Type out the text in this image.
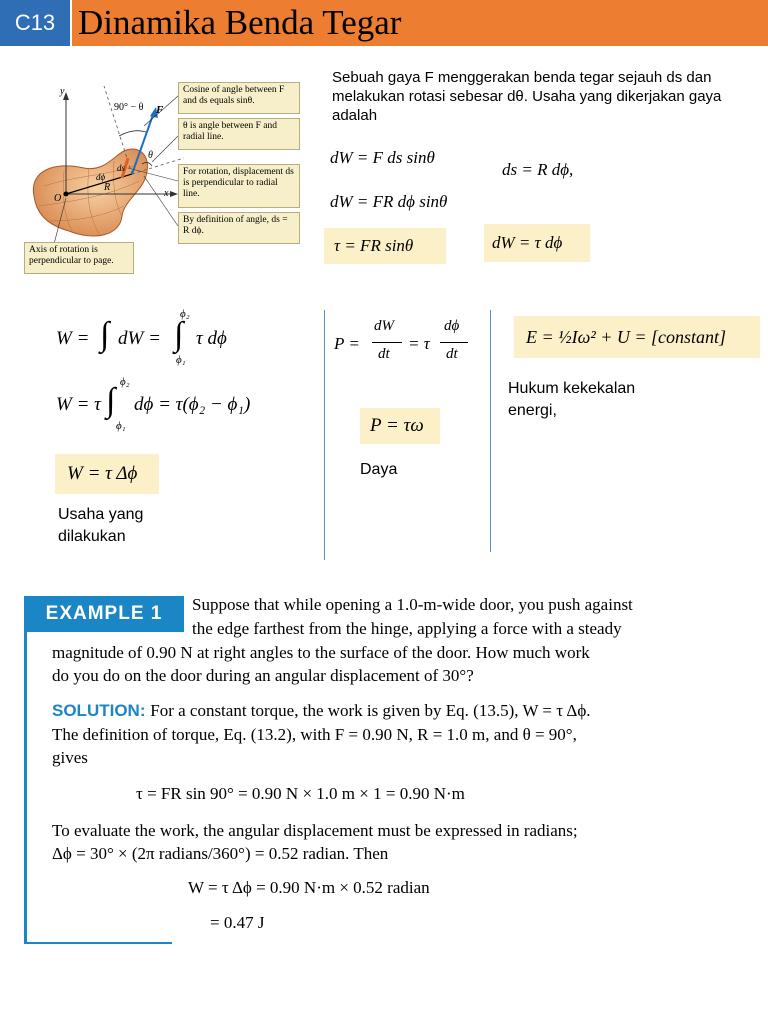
C13 Dinamika Benda Tegar
y
x
O
F
90° − θ
θ
R
ds
dϕ
Cosine of angle between F and ds equals sinθ.
θ is angle between F and radial line.
For rotation, displacement ds is perpendicular to radial line.
By definition of angle, ds = R dϕ.
Axis of rotation is perpendicular to page.
Sebuah gaya F menggerakan benda tegar sejauh ds dan melakukan rotasi sebesar dθ. Usaha yang dikerjakan gaya adalah
dW = F ds sinθ
ds = R dϕ,
dW = FR dϕ sinθ
τ = FR sinθ	dW = τ dϕ
W = ∫ dW = ∫
ϕ₂
ϕ₁
τ dϕ
W = τ ∫ ϕ₂
ϕ₁
dϕ = τ(ϕ₂ − ϕ₁)
W = τ Δϕ
Usaha yang dilakukan
P =
dW
dt
= τ
dϕ
dt
P = τω
Daya
E = ½Iω² + U = [constant]
Hukum kekekalan energi,
EXAMPLE 1	Suppose that while opening a 1.0-m-wide door, you push against
the edge farthest from the hinge, applying a force with a steady
magnitude of 0.90 N at right angles to the surface of the door. How much work
do you do on the door during an angular displacement of 30°?
SOLUTION: For a constant torque, the work is given by Eq. (13.5), W = τ Δϕ.
The definition of torque, Eq. (13.2), with F = 0.90 N, R = 1.0 m, and θ = 90°,
gives
τ = FR sin 90° = 0.90 N × 1.0 m × 1 = 0.90 N·m
To evaluate the work, the angular displacement must be expressed in radians;
Δϕ = 30° × (2π radians/360°) = 0.52 radian. Then
W = τ Δϕ = 0.90 N·m × 0.52 radian
= 0.47 J
